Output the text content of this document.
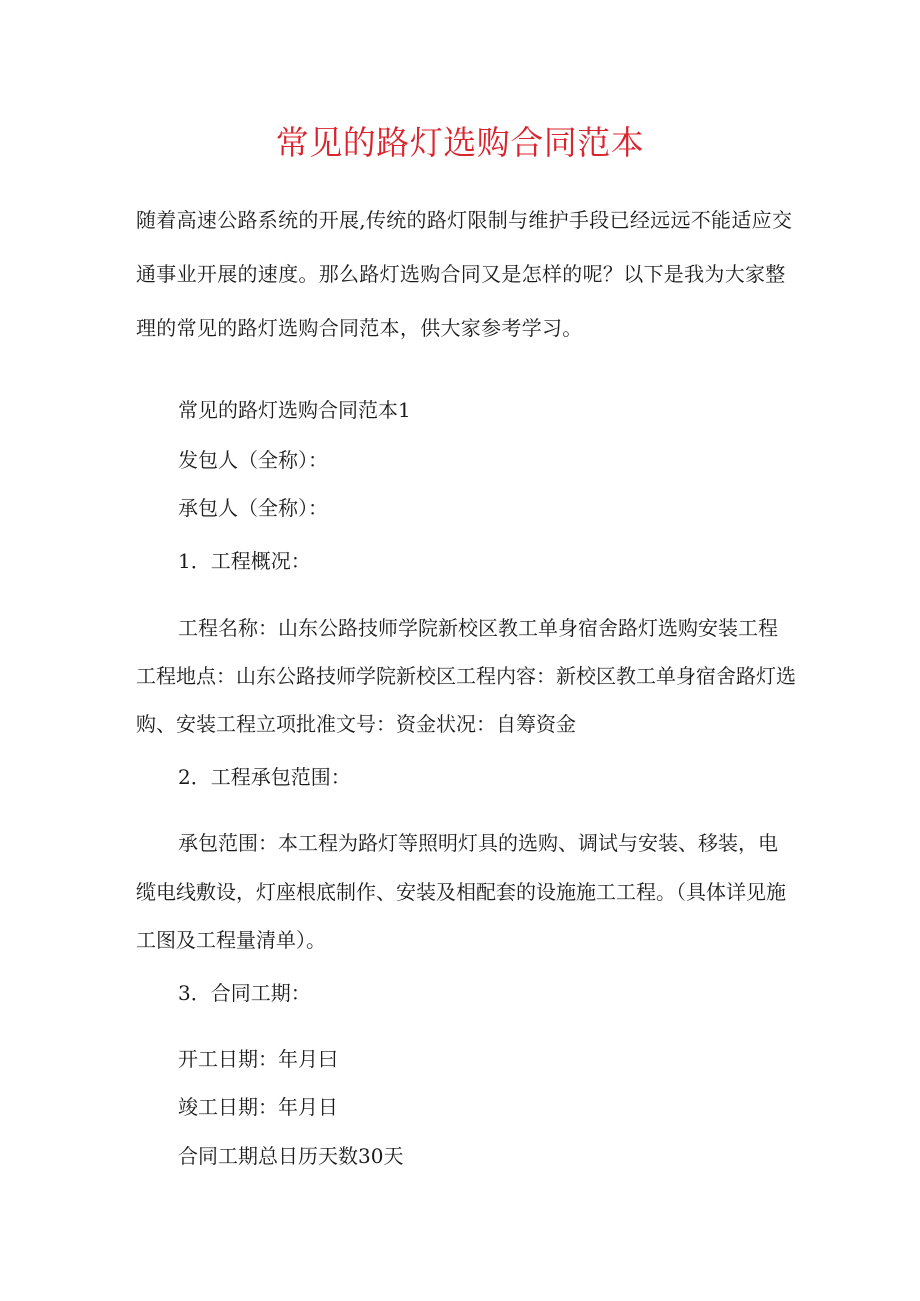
常见的路灯选购合同范本

随着高速公路系统的开展,传统的路灯限制与维护手段已经远远不能适应交通事业开展的速度。那么路灯选购合同又是怎样的呢？以下是我为大家整理的常见的路灯选购合同范本，供大家参考学习。

常见的路灯选购合同范本1

发包人（全称）：

承包人（全称）：

1．工程概况：

工程名称：山东公路技师学院新校区教工单身宿舍路灯选购安装工程

工程地点：山东公路技师学院新校区工程内容：新校区教工单身宿舍路灯选

购、安装工程立项批准文号：资金状况：自筹资金

2．工程承包范围：

承包范围：本工程为路灯等照明灯具的选购、调试与安装、移装，电

缆电线敷设，灯座根底制作、安装及相配套的设施施工工程。（具体详见施

工图及工程量清单）。

3．合同工期：

开工日期：年月曰

竣工日期：年月日

合同工期总日历天数30天
